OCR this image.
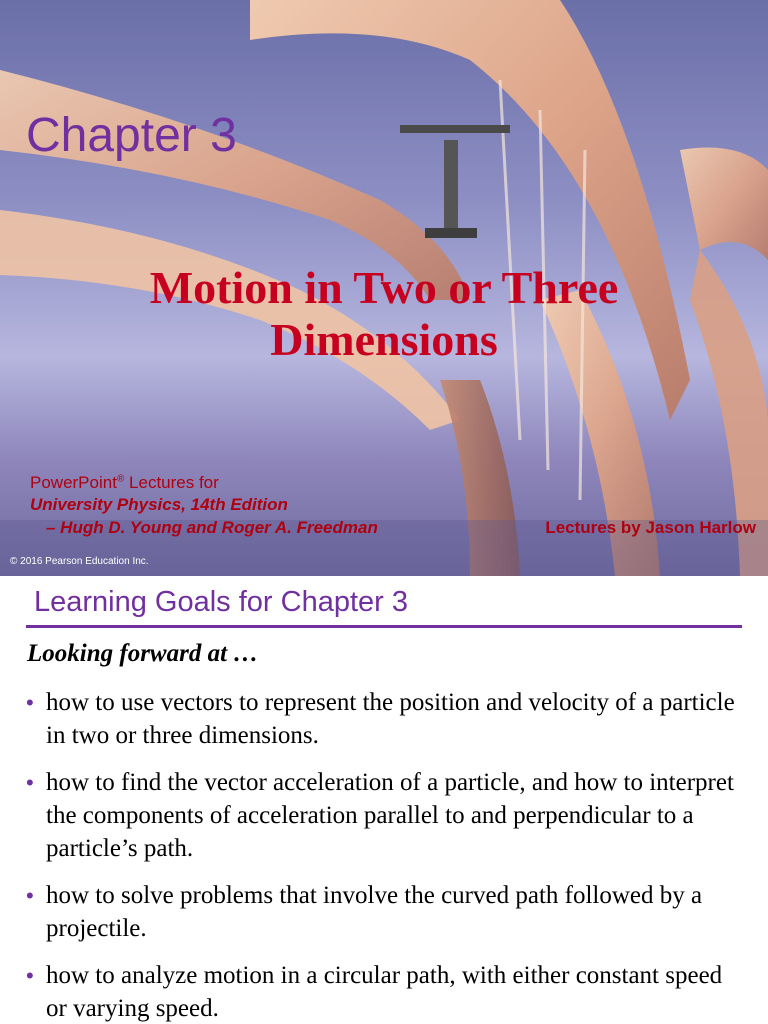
Chapter 3
Motion in Two or Three
Dimensions
PowerPoint® Lectures for
University Physics, 14th Edition
– Hugh D. Young and Roger A. Freedman	Lectures by Jason Harlow
© 2016 Pearson Education Inc.
Learning Goals for Chapter 3
Looking forward at …
• how to use vectors to represent the position and velocity of a particle in two or three dimensions.
• how to find the vector acceleration of a particle, and how to interpret the components of acceleration parallel to and perpendicular to a particle’s path.
• how to solve problems that involve the curved path followed by a projectile.
• how to analyze motion in a circular path, with either constant speed or varying speed.
